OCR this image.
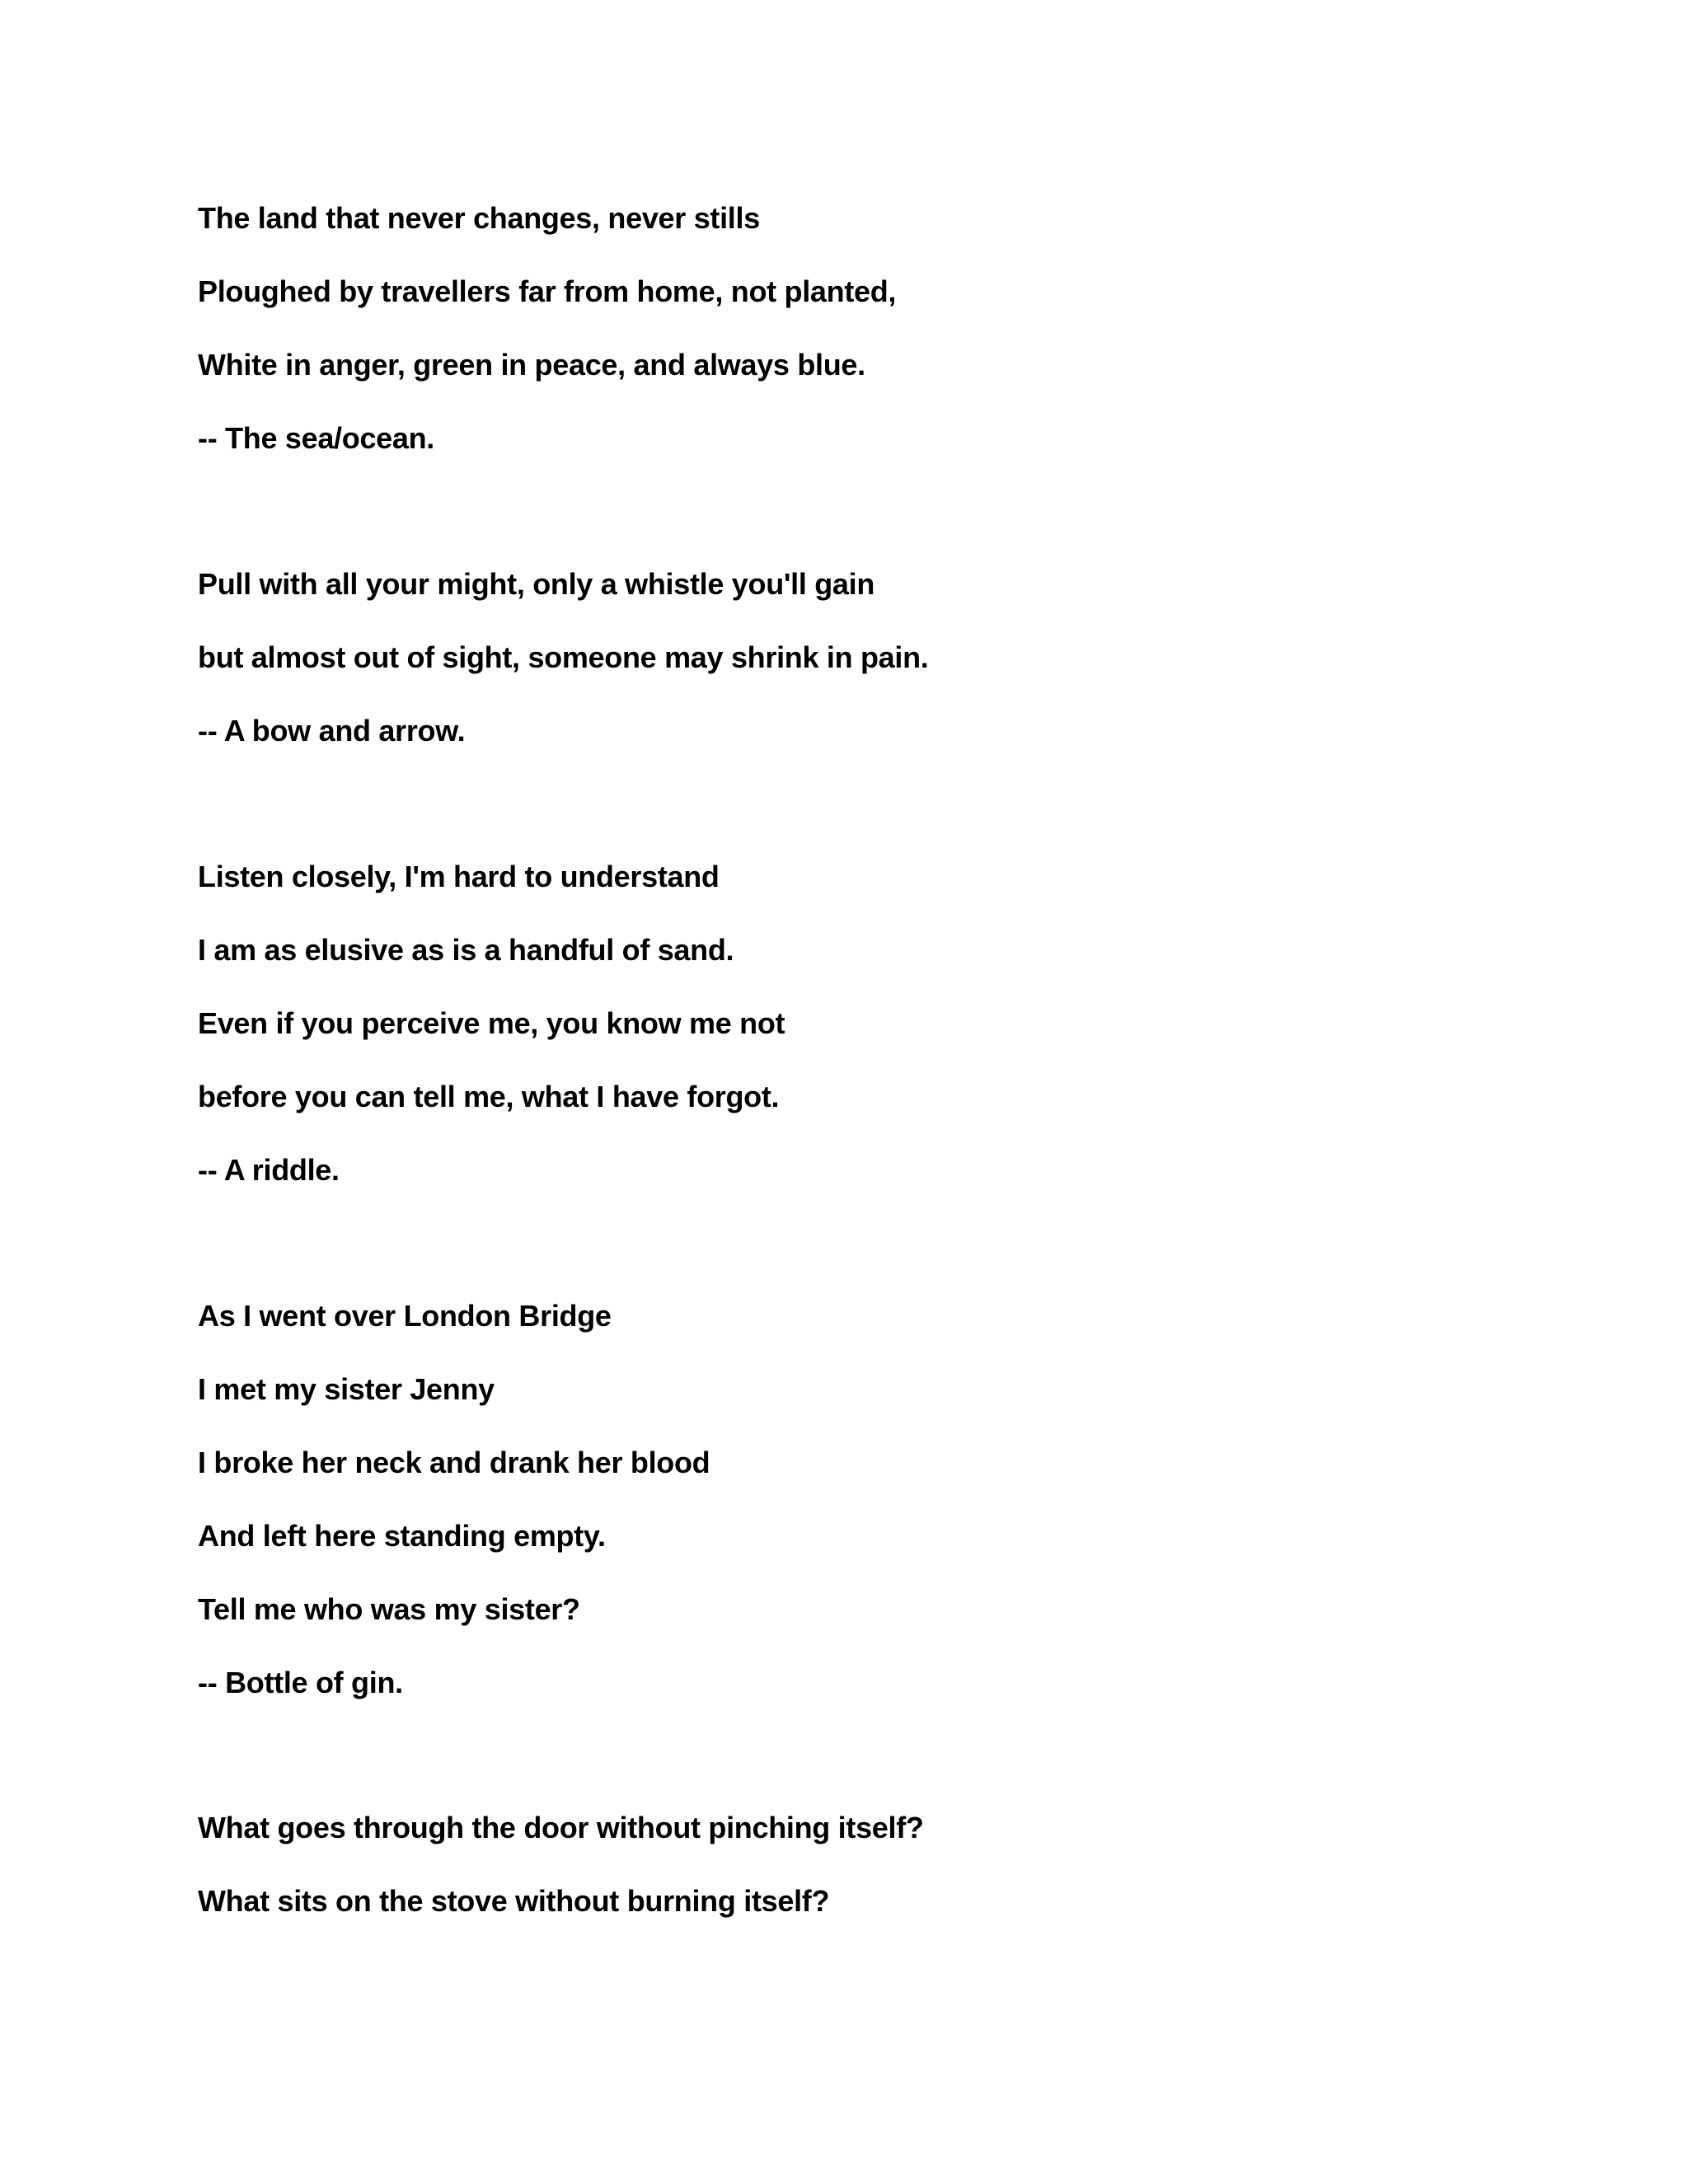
The land that never changes, never stills
Ploughed by travellers far from home, not planted,
White in anger, green in peace, and always blue.
-- The sea/ocean.
Pull with all your might, only a whistle you'll gain
but almost out of sight, someone may shrink in pain.
-- A bow and arrow.
Listen closely, I'm hard to understand
I am as elusive as is a handful of sand.
Even if you perceive me, you know me not
before you can tell me, what I have forgot.
-- A riddle.
As I went over London Bridge
I met my sister Jenny
I broke her neck and drank her blood
And left here standing empty.
Tell me who was my sister?
-- Bottle of gin.
What goes through the door without pinching itself?
What sits on the stove without burning itself?
